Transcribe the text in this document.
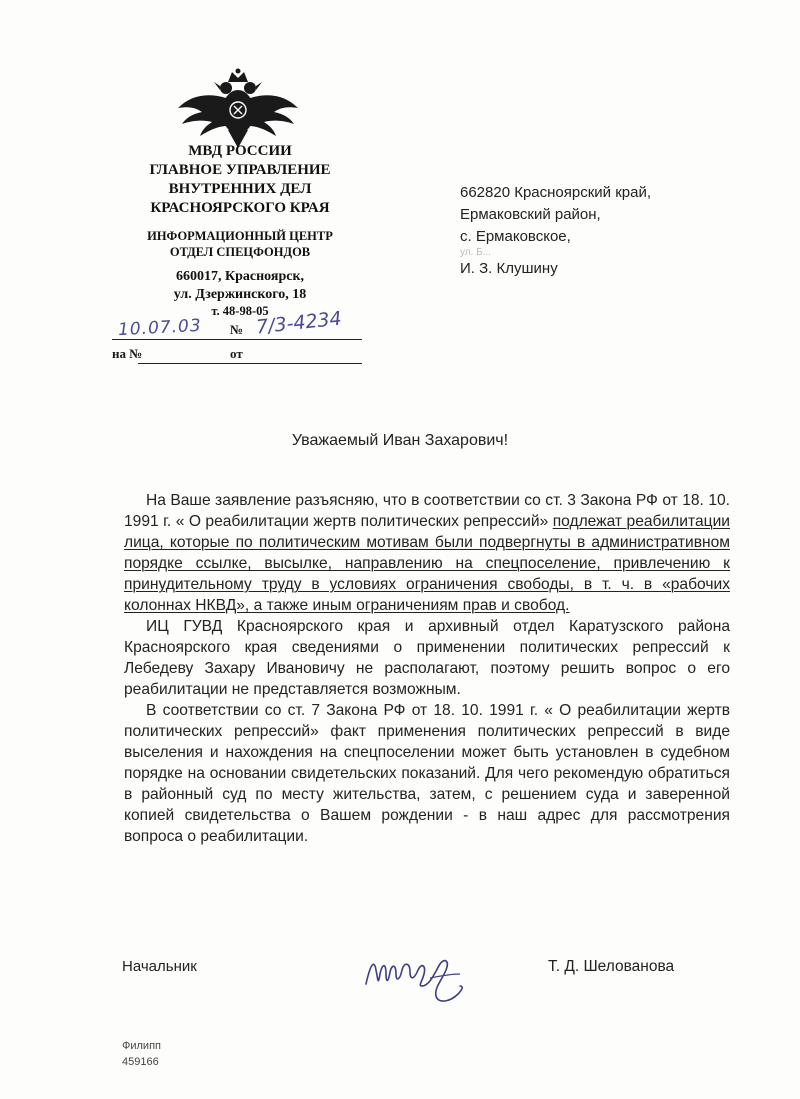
МВД РОССИИ
ГЛАВНОЕ УПРАВЛЕНИЕ
ВНУТРЕННИХ ДЕЛ
КРАСНОЯРСКОГО КРАЯ
ИНФОРМАЦИОННЫЙ ЦЕНТР
ОТДЕЛ СПЕЦФОНДОВ
660017, Красноярск,
ул. Дзержинского, 18
т. 48-98-05
10.07.03 № 7/3-4234
на №	от
662820 Красноярский край,
Ермаковский район,
с. Ермаковское,
ул. Б...
И. З. Клушину
Уважаемый Иван Захарович!

На Ваше заявление разъясняю, что в соответствии со ст. 3 Закона РФ от 18. 10. 1991 г. « О реабилитации жертв политических репрессий» подлежат реабилитации лица, которые по политическим мотивам были подвергнуты в административном порядке ссылке, высылке, направлению на спецпоселение, привлечению к принудительному труду в условиях ограничения свободы, в т. ч. в «рабочих колоннах НКВД», а также иным ограничениям прав и свобод.

ИЦ ГУВД Красноярского края и архивный отдел Каратузского района Красноярского края сведениями о применении политических репрессий к Лебедеву Захару Ивановичу не располагают, поэтому решить вопрос о его реабилитации не представляется возможным.

В соответствии со ст. 7 Закона РФ от 18. 10. 1991 г. « О реабилитации жертв политических репрессий» факт применения политических репрессий в виде выселения и нахождения на спецпоселении может быть установлен в судебном порядке на основании свидетельских показаний. Для чего рекомендую обратиться в районный суд по месту жительства, затем, с решением суда и заверенной копией свидетельства о Вашем рождении - в наш адрес для рассмотрения вопроса о реабилитации.

Начальник	Т. Д. Шелованова
Филипп
459166
